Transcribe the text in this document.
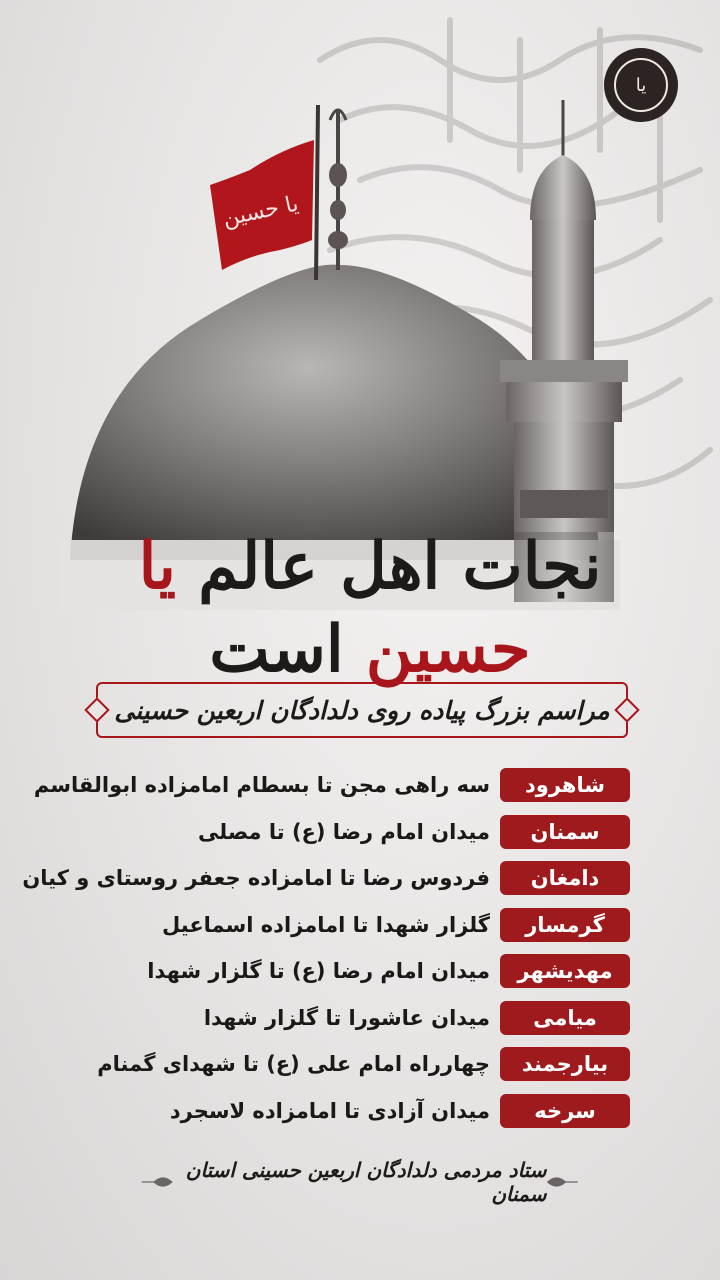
یا
یا حسین
نجات اهل عالم یا حسین است
مراسم بزرگ پیاده روی دلدادگان اربعین حسینی
شاهرود
سه راهی مجن تا بسطام امامزاده ابوالقاسم
سمنان
میدان امام رضا (ع) تا مصلی
دامغان
فردوس رضا تا امامزاده جعفر روستای و کیان
گرمسار
گلزار شهدا تا امامزاده اسماعیل
مهدیشهر
میدان امام رضا (ع) تا گلزار شهدا
میامی
میدان عاشورا تا گلزار شهدا
بیارجمند
چهارراه امام علی (ع) تا شهدای گمنام
سرخه
میدان آزادی تا امامزاده لاسجرد
ستاد مردمی دلدادگان اربعین حسینی استان سمنان
